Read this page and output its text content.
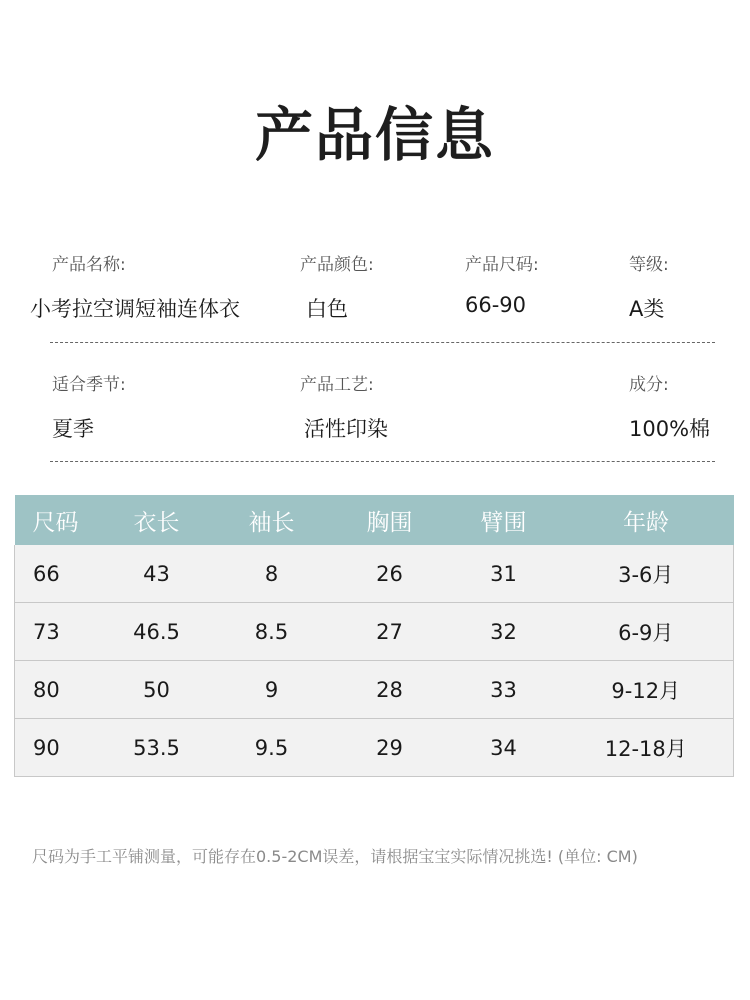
产品信息
产品名称:
小考拉空调短袖连体衣
产品颜色:
白色
产品尺码:
66-90
等级:
A类
适合季节:
夏季
产品工艺:
活性印染
成分:
100%棉
尺码	衣长	袖长	胸围	臂围	年龄
66	43	8	26	31	3-6月
73	46.5	8.5	27	32	6-9月
80	50	9	28	33	9-12月
90	53.5	9.5	29	34	12-18月
尺码为手工平铺测量，可能存在0.5-2CM误差，请根据宝宝实际情况挑选! (单位: CM)
